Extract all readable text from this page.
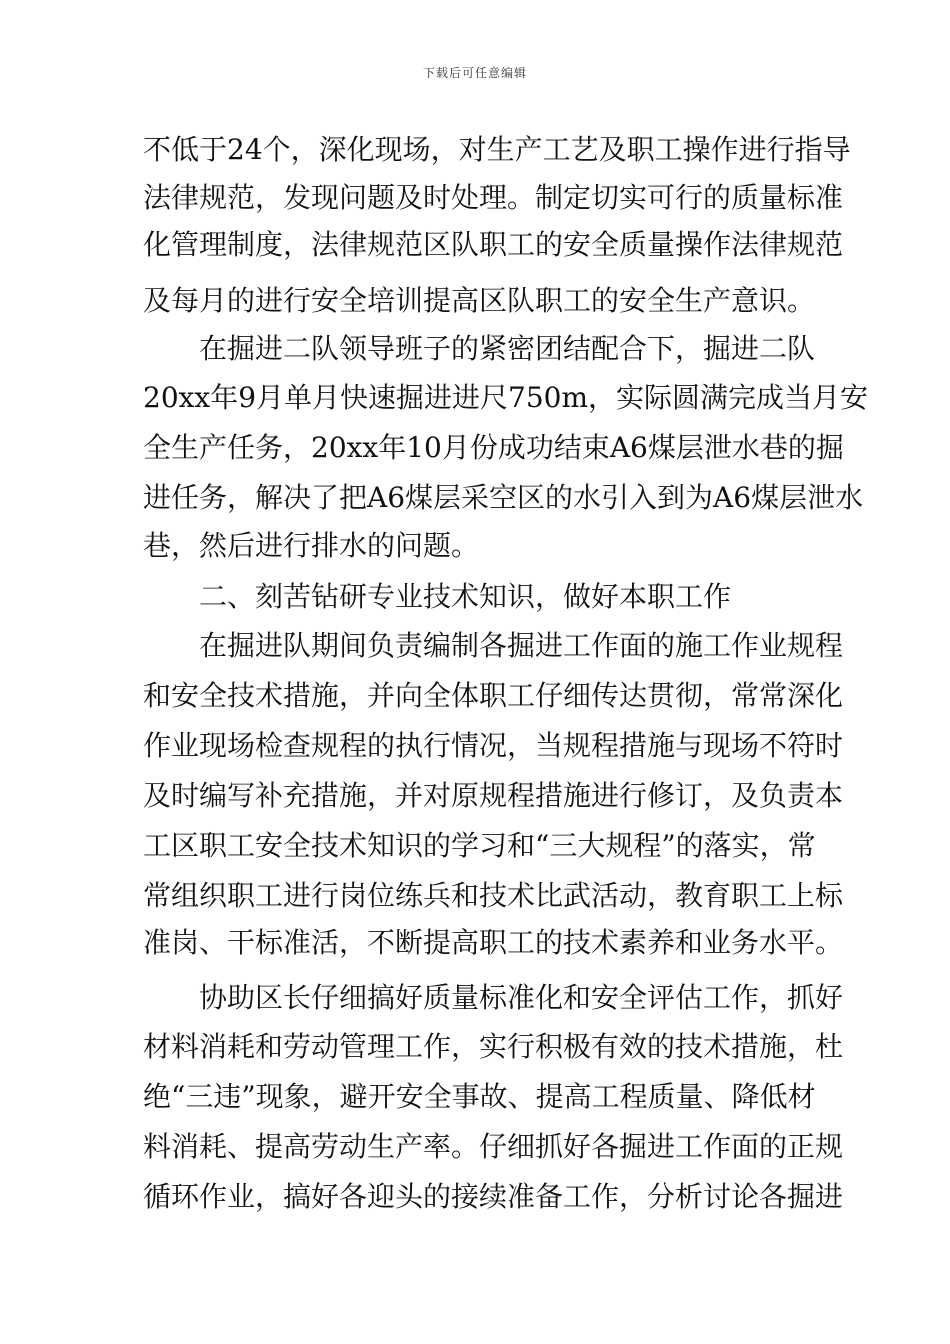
下载后可任意编辑
不低于24个，深化现场，对生产工艺及职工操作进行指导
法律规范，发现问题及时处理。制定切实可行的质量标准
化管理制度，法律规范区队职工的安全质量操作法律规范
及每月的进行安全培训提高区队职工的安全生产意识。
　　在掘进二队领导班子的紧密团结配合下，掘进二队
20xx年9月单月快速掘进进尺750m，实际圆满完成当月安
全生产任务，20xx年10月份成功结束A6煤层泄水巷的掘
进任务，解决了把A6煤层采空区的水引入到为A6煤层泄水
巷，然后进行排水的问题。
　　二、刻苦钻研专业技术知识，做好本职工作
　　在掘进队期间负责编制各掘进工作面的施工作业规程
和安全技术措施，并向全体职工仔细传达贯彻，常常深化
作业现场检查规程的执行情况，当规程措施与现场不符时
及时编写补充措施，并对原规程措施进行修订，及负责本
工区职工安全技术知识的学习和“三大规程”的落实，常
常组织职工进行岗位练兵和技术比武活动，教育职工上标
准岗、干标准活，不断提高职工的技术素养和业务水平。
　　协助区长仔细搞好质量标准化和安全评估工作，抓好
材料消耗和劳动管理工作，实行积极有效的技术措施，杜
绝“三违”现象，避开安全事故、提高工程质量、降低材
料消耗、提高劳动生产率。仔细抓好各掘进工作面的正规
循环作业，搞好各迎头的接续准备工作，分析讨论各掘进
